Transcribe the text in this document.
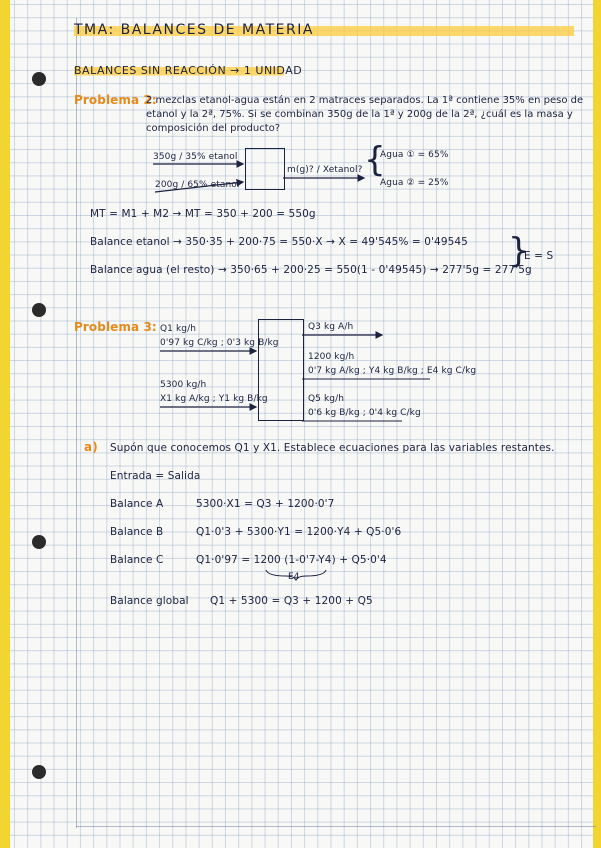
TMA: BALANCES DE MATERIA
BALANCES SIN REACCIÓN → 1 UNIDAD
Problema 2:
2 mezclas etanol-agua están en 2 matraces separados. La 1ª contiene 35% en peso de etanol y la 2ª, 75%. Si se combinan 350g de la 1ª y 200g de la 2ª, ¿cuál es la masa y composición del producto?
350g / 35% etanol
200g / 65% etanol
m(g)? / Xetanol? {
Agua ① = 65%
Agua ② = 25%
MT = M1 + M2 → MT = 350 + 200 = 550g
Balance etanol → 350·35 + 200·75 = 550·X → X = 49'545% = 0'49545
Balance agua (el resto) → 350·65 + 200·25 = 550(1 - 0'49545) → 277'5g = 277'5g
}
E = S
Problema 3: Q1 kg/h
0'97 kg C/kg ; 0'3 kg B/kg
5300 kg/h
X1 kg A/kg ; Y1 kg B/kg
Q3 kg A/h
1200 kg/h
0'7 kg A/kg ; Y4 kg B/kg ; E4 kg C/kg
Q5 kg/h
0'6 kg B/kg ; 0'4 kg C/kg
a) Supón que conocemos Q1 y X1. Establece ecuaciones para las variables restantes.
Entrada = Salida
Balance A	5300·X1 = Q3 + 1200·0'7
Balance B	Q1·0'3 + 5300·Y1 = 1200·Y4 + Q5·0'6
Balance C	Q1·0'97 = 1200 (1-0'7-Y4) + Q5·0'4
E4
Balance global Q1 + 5300 = Q3 + 1200 + Q5
